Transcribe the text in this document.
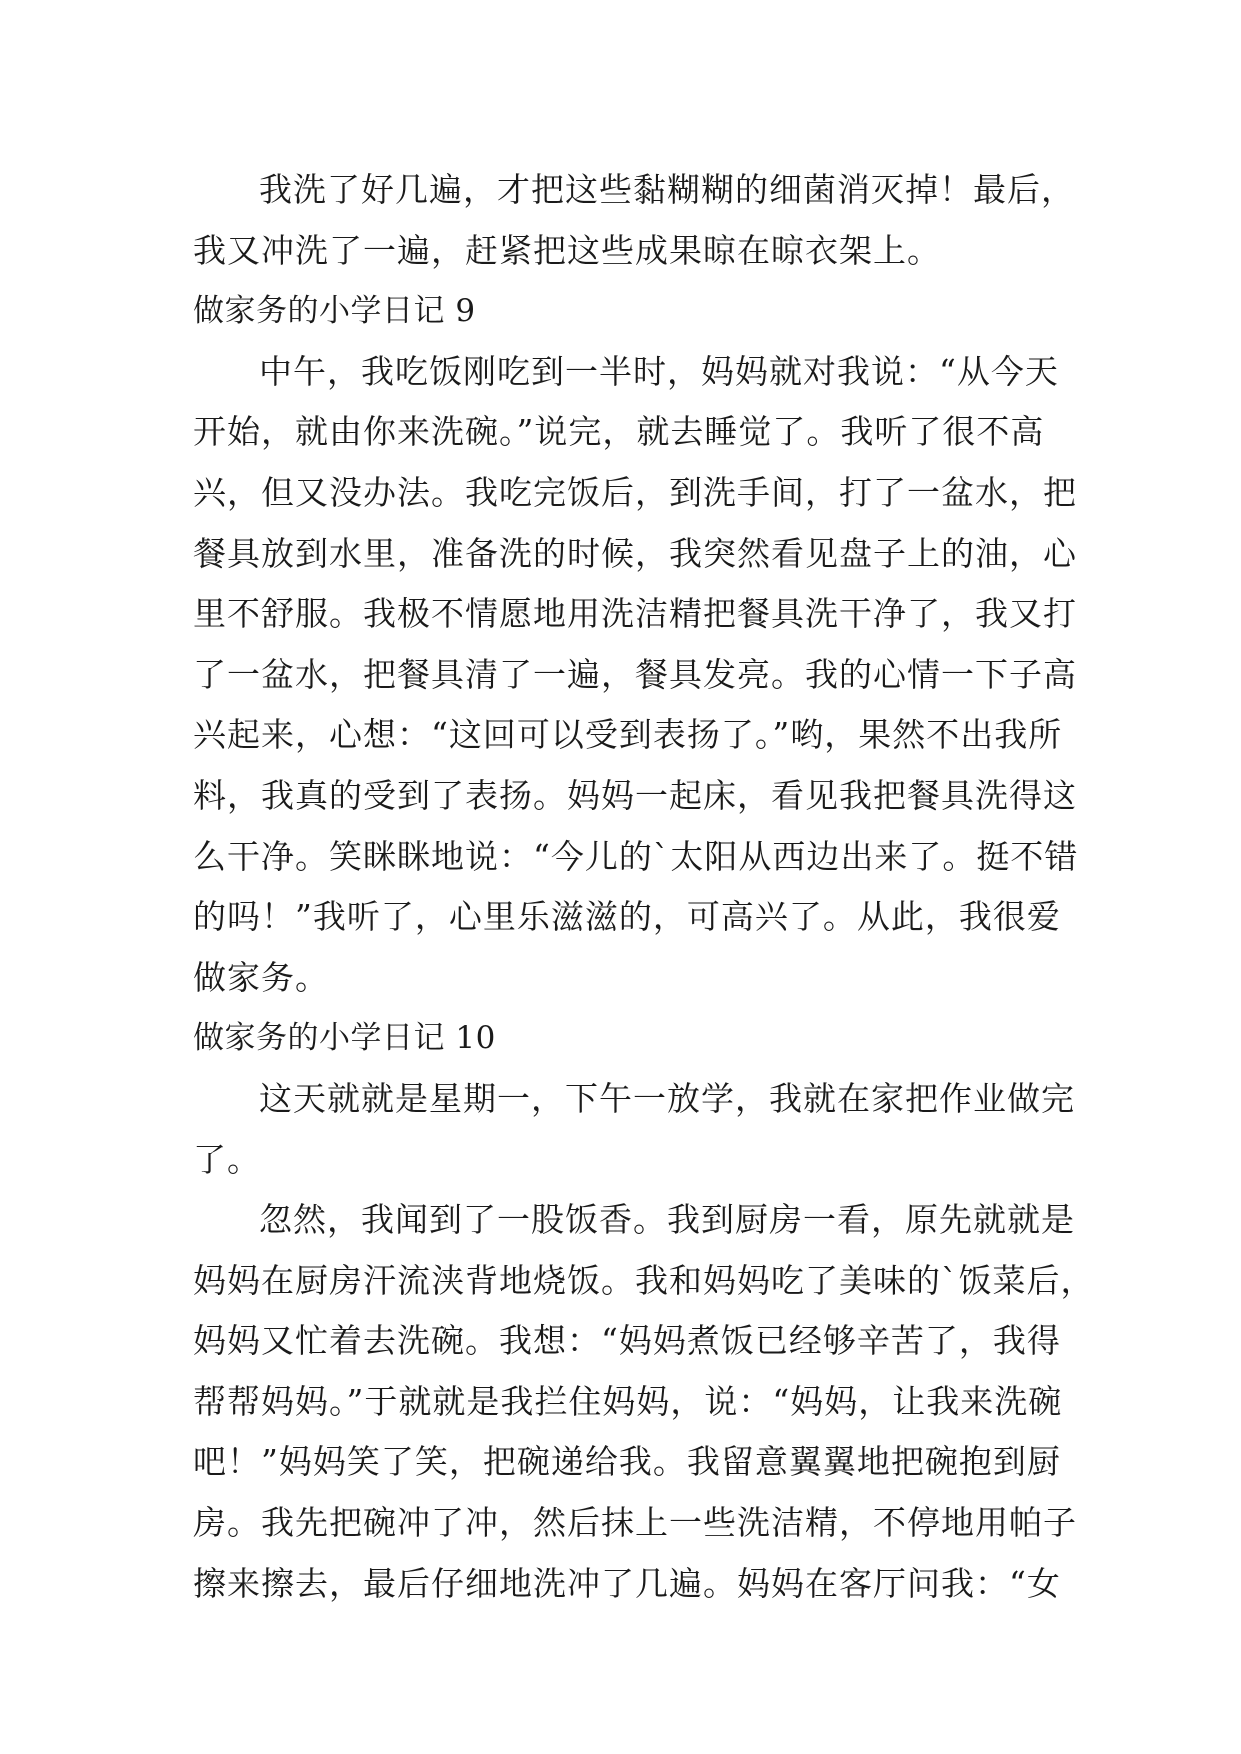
我洗了好几遍，才把这些黏糊糊的细菌消灭掉！最后，
我又冲洗了一遍，赶紧把这些成果晾在晾衣架上。
做家务的小学日记 9
中午，我吃饭刚吃到一半时，妈妈就对我说：“从今天
开始，就由你来洗碗。”说完，就去睡觉了。我听了很不高
兴，但又没办法。我吃完饭后，到洗手间，打了一盆水，把
餐具放到水里，准备洗的时候，我突然看见盘子上的油，心
里不舒服。我极不情愿地用洗洁精把餐具洗干净了，我又打
了一盆水，把餐具清了一遍，餐具发亮。我的心情一下子高
兴起来，心想：“这回可以受到表扬了。”哟，果然不出我所
料，我真的受到了表扬。妈妈一起床，看见我把餐具洗得这
么干净。笑眯眯地说：“今儿的`太阳从西边出来了。挺不错
的吗！”我听了，心里乐滋滋的，可高兴了。从此，我很爱
做家务。
做家务的小学日记 10
这天就就是星期一，下午一放学，我就在家把作业做完
了。
忽然，我闻到了一股饭香。我到厨房一看，原先就就是
妈妈在厨房汗流浃背地烧饭。我和妈妈吃了美味的`饭菜后，
妈妈又忙着去洗碗。我想：“妈妈煮饭已经够辛苦了，我得
帮帮妈妈。”于就就是我拦住妈妈，说：“妈妈，让我来洗碗
吧！”妈妈笑了笑，把碗递给我。我留意翼翼地把碗抱到厨
房。我先把碗冲了冲，然后抹上一些洗洁精，不停地用帕子
擦来擦去，最后仔细地洗冲了几遍。妈妈在客厅问我：“女
